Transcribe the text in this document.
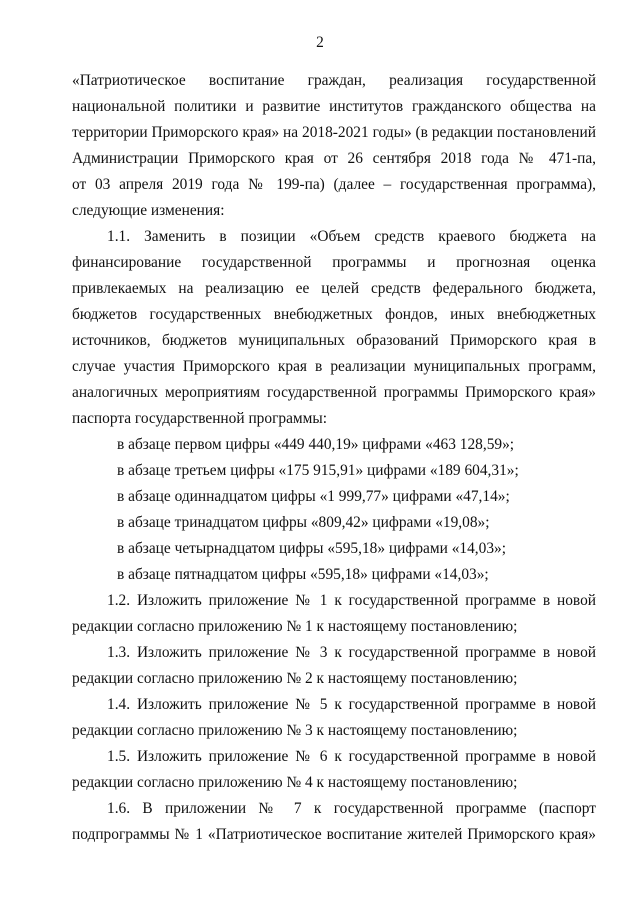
2
«Патриотическое воспитание граждан, реализация государственной
национальной политики и развитие институтов гражданского общества на
территории Приморского края» на 2018-2021 годы» (в редакции постановлений
Администрации Приморского края от 26 сентября 2018 года № 471-па,
от 03 апреля 2019 года № 199-па) (далее – государственная программа),
следующие изменения:
1.1. Заменить в позиции «Объем средств краевого бюджета на
финансирование государственной программы и прогнозная оценка
привлекаемых на реализацию ее целей средств федерального бюджета,
бюджетов государственных внебюджетных фондов, иных внебюджетных
источников, бюджетов муниципальных образований Приморского края в
случае участия Приморского края в реализации муниципальных программ,
аналогичных мероприятиям государственной программы Приморского края»
паспорта государственной программы:
в абзаце первом цифры «449 440,19» цифрами «463 128,59»;
в абзаце третьем цифры «175 915,91» цифрами «189 604,31»;
в абзаце одиннадцатом цифры «1 999,77» цифрами «47,14»;
в абзаце тринадцатом цифры «809,42» цифрами «19,08»;
в абзаце четырнадцатом цифры «595,18» цифрами «14,03»;
в абзаце пятнадцатом цифры «595,18» цифрами «14,03»;
1.2. Изложить приложение № 1 к государственной программе в новой
редакции согласно приложению № 1 к настоящему постановлению;
1.3. Изложить приложение № 3 к государственной программе в новой
редакции согласно приложению № 2 к настоящему постановлению;
1.4. Изложить приложение № 5 к государственной программе в новой
редакции согласно приложению № 3 к настоящему постановлению;
1.5. Изложить приложение № 6 к государственной программе в новой
редакции согласно приложению № 4 к настоящему постановлению;
1.6. В приложении № 7 к государственной программе (паспорт
подпрограммы № 1 «Патриотическое воспитание жителей Приморского края»
